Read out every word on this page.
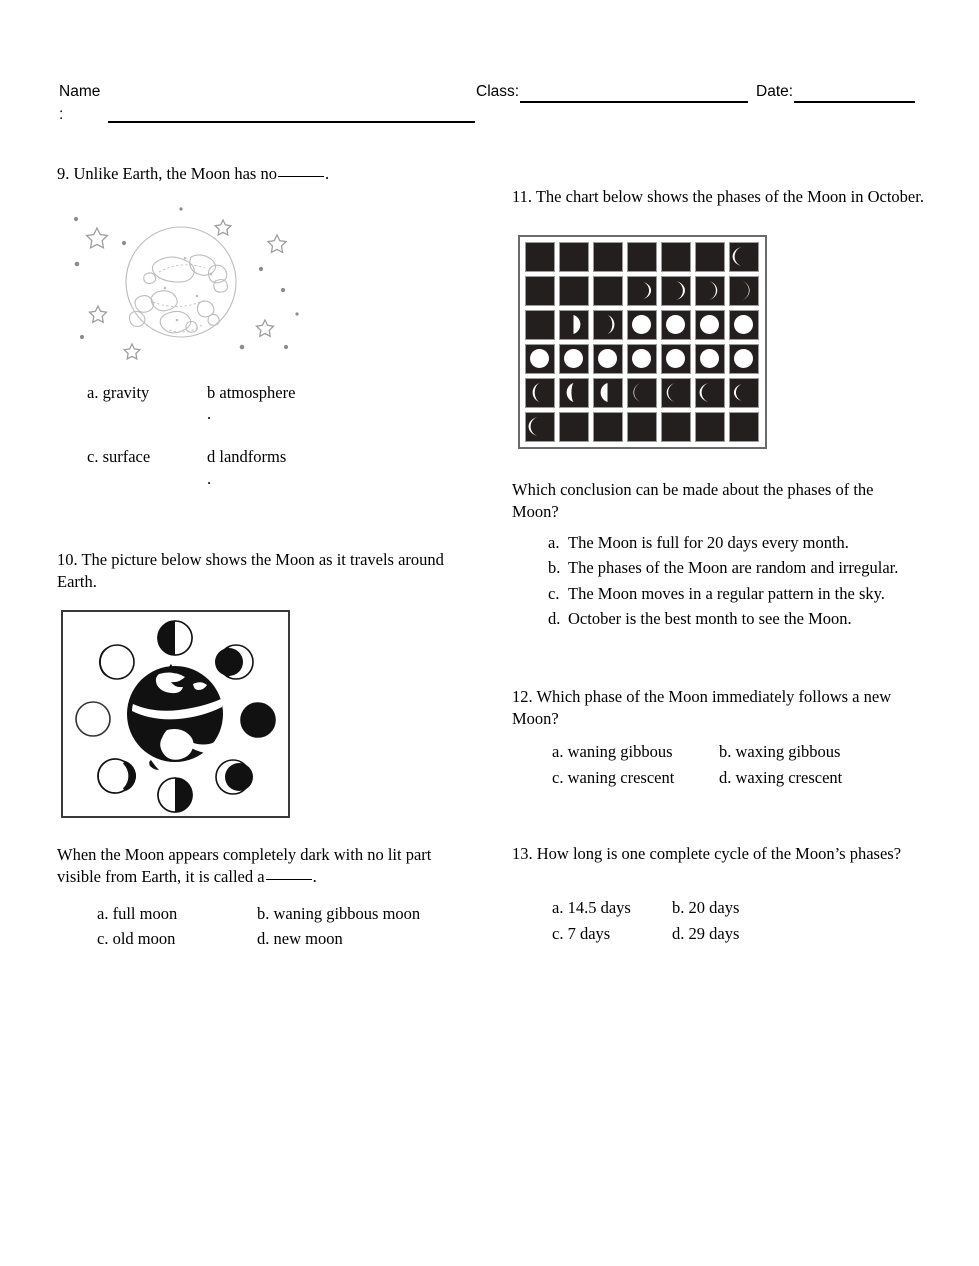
Name
:
Class:	Date:

9. Unlike Earth, the Moon has no	.

a. gravity	b atmosphere
.
c. surface	d landforms
.

10. The picture below shows the Moon as it travels around Earth.

When the Moon appears completely dark with no lit part visible from Earth, it is called a	.

a. full moon	b. waning gibbous moon
c. old moon	d. new moon

11. The chart below shows the phases of the Moon in October.

Which conclusion can be made about the phases of the Moon?

a. The Moon is full for 20 days every month.
b. The phases of the Moon are random and irregular.
c. The Moon moves in a regular pattern in the sky.
d. October is the best month to see the Moon.

12. Which phase of the Moon immediately follows a new Moon?

a. waning gibbous	b. waxing gibbous
c. waning crescent	d. waxing crescent

13. How long is one complete cycle of the Moon’s phases?

a. 14.5 days	b. 20 days
c. 7 days	d. 29 days
